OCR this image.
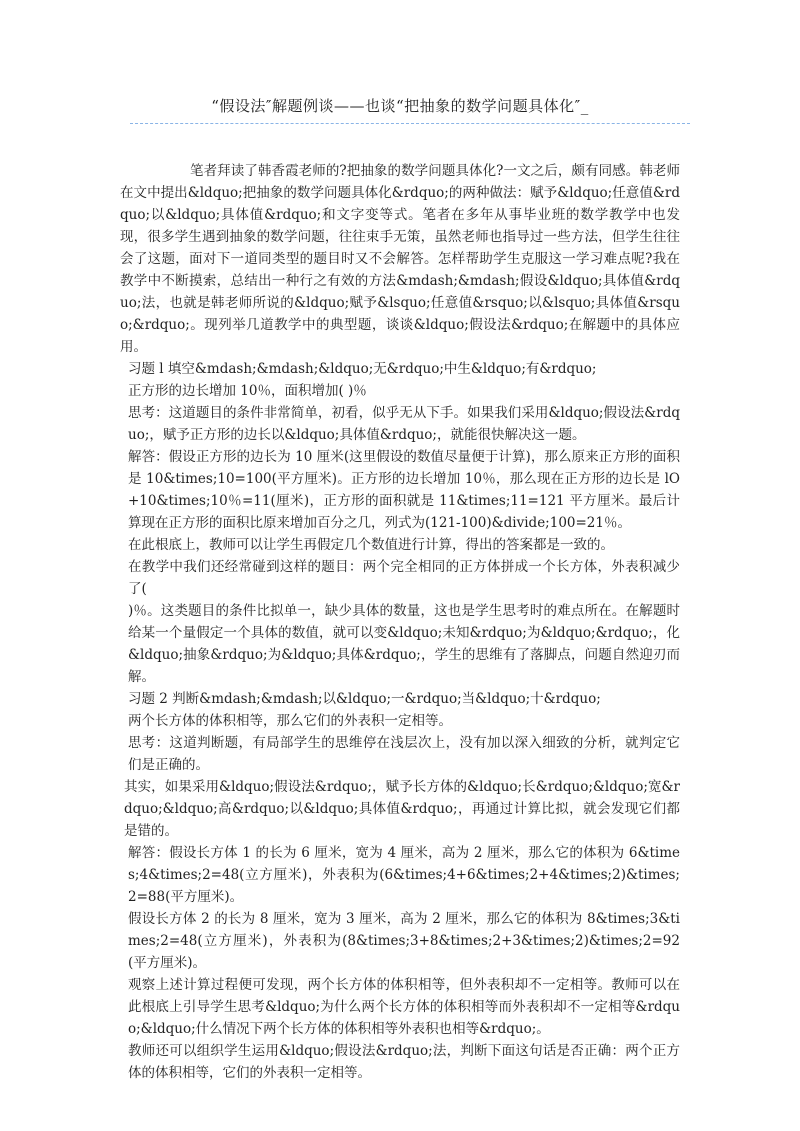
“假设法″解题例谈——也谈“把抽象的数学问题具体化″_

笔者拜读了韩香霞老师的?把抽象的数学问题具体化?一文之后，颇有同感。韩老师在文中提出&ldquo;把抽象的数学问题具体化&rdquo;的两种做法：赋予&ldquo;任意值&rdquo;以&ldquo;具体值&rdquo;和文字变等式。笔者在多年从事毕业班的数学教学中也发现，很多学生遇到抽象的数学问题，往往束手无策，虽然老师也指导过一些方法，但学生往往会了这题，面对下一道同类型的题目时又不会解答。怎样帮助学生克服这一学习难点呢?我在教学中不断摸索，总结出一种行之有效的方法&mdash;&mdash;假设&ldquo;具体值&rdquo;法，也就是韩老师所说的&ldquo;赋予&lsquo;任意值&rsquo;以&lsquo;具体值&rsquo;&rdquo;。现列举几道教学中的典型题，谈谈&ldquo;假设法&rdquo;在解题中的具体应用。

习题 l 填空&mdash;&mdash;&ldquo;无&rdquo;中生&ldquo;有&rdquo;

正方形的边长增加 10％，面积增加( )％

思考：这道题目的条件非常简单，初看，似乎无从下手。如果我们采用&ldquo;假设法&rdquo;，赋予正方形的边长以&ldquo;具体值&rdquo;，就能很快解决这一题。

解答：假设正方形的边长为 10 厘米(这里假设的数值尽量便于计算)，那么原来正方形的面积是 10&times;10=100(平方厘米)。正方形的边长增加 10％，那么现在正方形的边长是 lO+10&times;10％=11(厘米)，正方形的面积就是 11&times;11=121 平方厘米。最后计算现在正方形的面积比原来增加百分之几，列式为(121-100)&divide;100=21％。

在此根底上，教师可以让学生再假定几个数值进行计算，得出的答案都是一致的。

在教学中我们还经常碰到这样的题目：两个完全相同的正方体拼成一个长方体，外表积减少了(

)％。这类题目的条件比拟单一，缺少具体的数量，这也是学生思考时的难点所在。在解题时给某一个量假定一个具体的数值，就可以变&ldquo;未知&rdquo;为&ldquo;&rdquo;，化&ldquo;抽象&rdquo;为&ldquo;具体&rdquo;，学生的思维有了落脚点，问题自然迎刃而解。

习题 2 判断&mdash;&mdash;以&ldquo;一&rdquo;当&ldquo;十&rdquo;

两个长方体的体积相等，那么它们的外表积一定相等。

思考：这道判断题，有局部学生的思维停在浅层次上，没有加以深入细致的分析，就判定它们是正确的。

其实，如果采用&ldquo;假设法&rdquo;，赋予长方体的&ldquo;长&rdquo;&ldquo;宽&rdquo;&ldquo;高&rdquo;以&ldquo;具体值&rdquo;，再通过计算比拟，就会发现它们都是错的。

解答：假设长方体 1 的长为 6 厘米，宽为 4 厘米，高为 2 厘米，那么它的体积为 6&times;4&times;2=48(立方厘米)，外表积为(6&times;4+6&times;2+4&times;2)&times;2=88(平方厘米)。

假设长方体 2 的长为 8 厘米，宽为 3 厘米，高为 2 厘米，那么它的体积为 8&times;3&times;2=48(立方厘米)，外表积为(8&times;3+8&times;2+3&times;2)&times;2=92(平方厘米)。

观察上述计算过程便可发现，两个长方体的体积相等，但外表积却不一定相等。教师可以在此根底上引导学生思考&ldquo;为什么两个长方体的体积相等而外表积却不一定相等&rdquo;&ldquo;什么情况下两个长方体的体积相等外表积也相等&rdquo;。

教师还可以组织学生运用&ldquo;假设法&rdquo;法，判断下面这句话是否正确：两个正方体的体积相等，它们的外表积一定相等。
